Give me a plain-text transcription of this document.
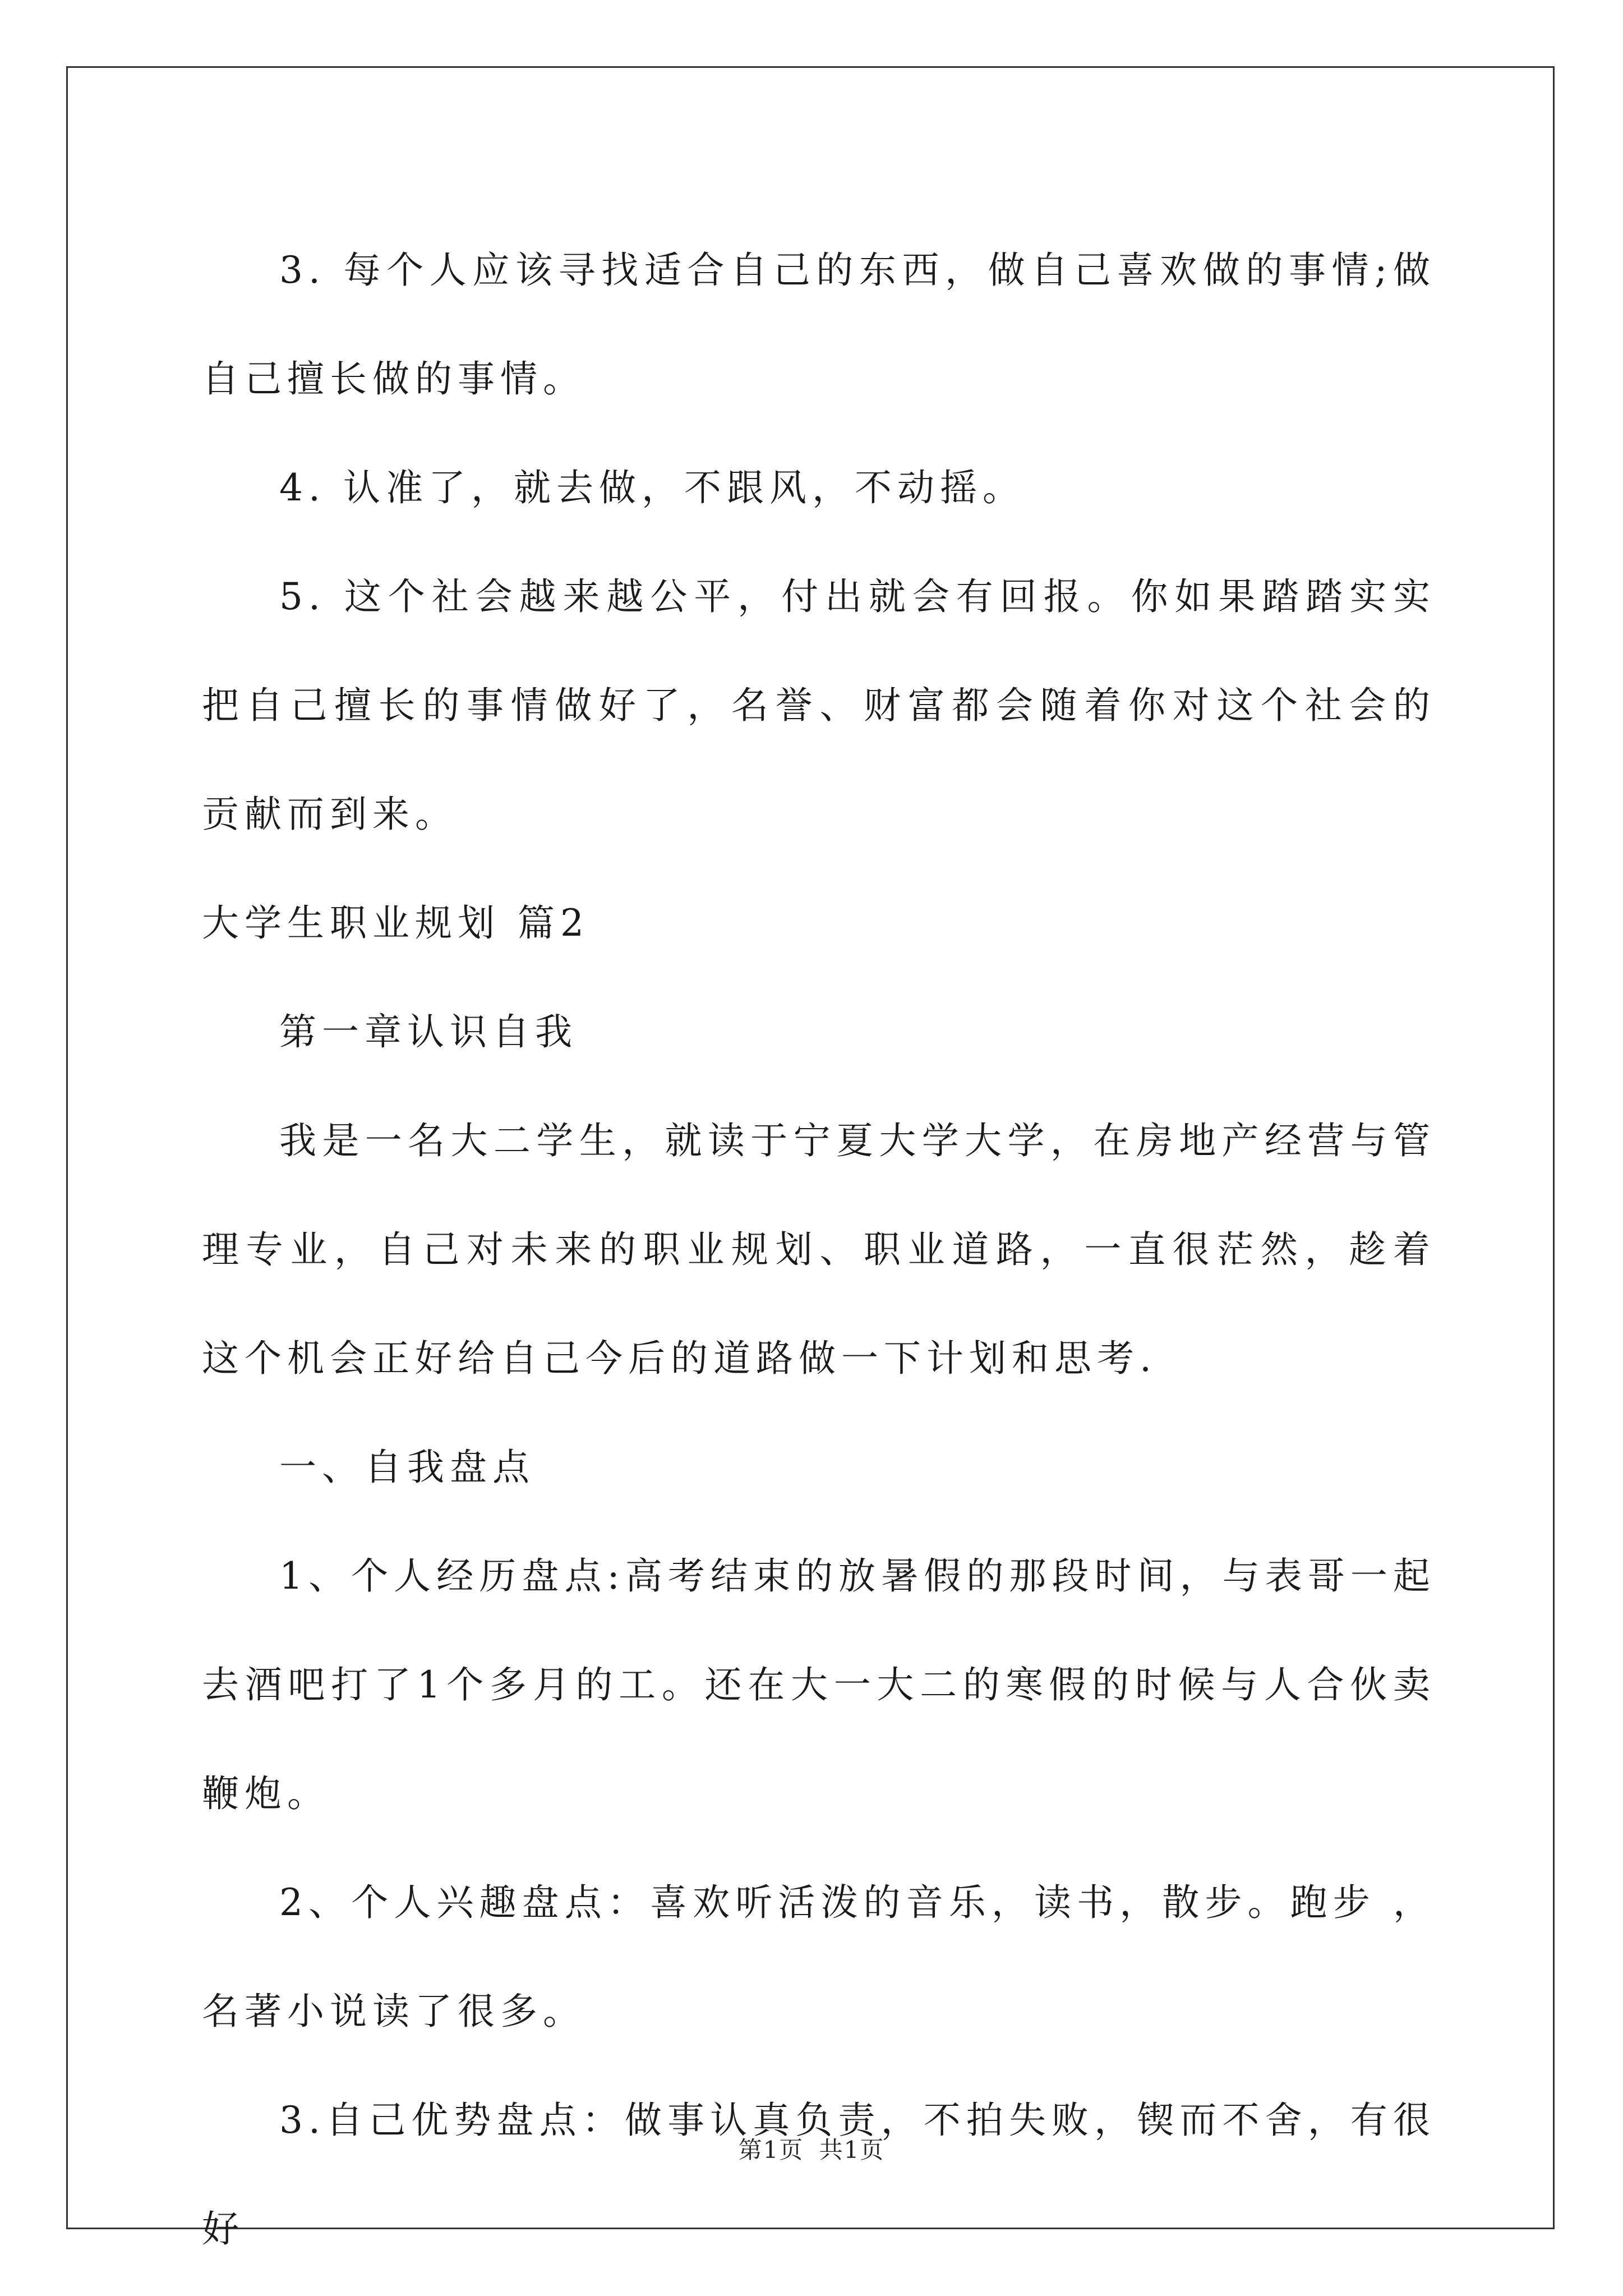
3. 每个人应该寻找适合自己的东西，做自己喜欢做的事情;做自己擅长做的事情。

4. 认准了，就去做，不跟风，不动摇。

5. 这个社会越来越公平，付出就会有回报。你如果踏踏实实把自己擅长的事情做好了，名誉、财富都会随着你对这个社会的贡献而到来。

大学生职业规划 篇2

第一章认识自我

我是一名大二学生，就读于宁夏大学大学，在房地产经营与管理专业，自己对未来的职业规划、职业道路，一直很茫然，趁着这个机会正好给自己今后的道路做一下计划和思考.

一、自我盘点

1、个人经历盘点:高考结束的放暑假的那段时间，与表哥一起去酒吧打了1个多月的工。还在大一大二的寒假的时候与人合伙卖鞭炮。

2、个人兴趣盘点：喜欢听活泼的音乐，读书，散步。跑步 ，名著小说读了很多。

3.自己优势盘点：做事认真负责，不拍失败，锲而不舍，有很好

第1页 共1页
